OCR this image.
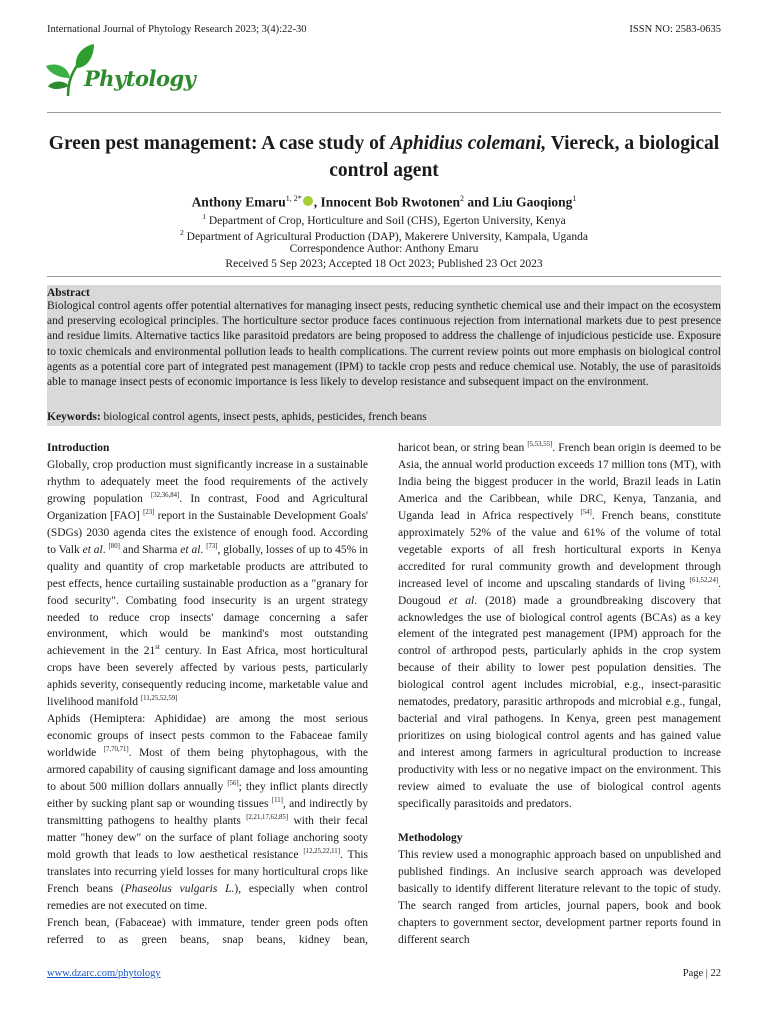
International Journal of Phytology Research 2023; 3(4):22-30	ISSN NO: 2583-0635
Phytology
Green pest management: A case study of Aphidius colemani, Viereck, a biological control agent
Anthony Emaru$^{1, 2*}$ , Innocent Bob Rwotonen$^2$ and Liu Gaoqiong$^1$
$^1$ Department of Crop, Horticulture and Soil (CHS), Egerton University, Kenya
$^2$ Department of Agricultural Production (DAP), Makerere University, Kampala, Uganda
Correspondence Author: Anthony Emaru
Received 5 Sep 2023; Accepted 18 Oct 2023; Published 23 Oct 2023
Abstract
Biological control agents offer potential alternatives for managing insect pests, reducing synthetic chemical use and their impact on the ecosystem and preserving ecological principles. The horticulture sector produce faces continuous rejection from international markets due to pest presence and residue limits. Alternative tactics like parasitoid predators are being proposed to address the challenge of injudicious pesticide use. Exposure to toxic chemicals and environmental pollution leads to health complications. The current review points out more emphasis on biological control agents as a potential core part of integrated pest management (IPM) to tackle crop pests and reduce chemical use. Notably, the use of parasitoids able to manage insect pests of economic importance is less likely to develop resistance and subsequent impact on the environment.
Keywords: biological control agents, insect pests, aphids, pesticides, french beans

Introduction

Globally, crop production must significantly increase in a sustainable rhythm to adequately meet the food requirements of the actively growing population [32,36,84]. In contrast, Food and Agricultural Organization [FAO] [23] report in the Sustainable Development Goals' (SDGs) 2030 agenda cites the existence of enough food. According to Valk et al. [80] and Sharma et al. [73], globally, losses of up to 45% in quality and quantity of crop marketable products are attributed to pest effects, hence curtailing sustainable production as a "granary for food security". Combating food insecurity is an urgent strategy needed to reduce crop insects' damage concerning a safer environment, which would be mankind's most outstanding achievement in the 21st century. In East Africa, most horticultural crops have been severely affected by various pests, particularly aphids severity, consequently reducing income, marketable value and livelihood manifold [11,25,52,59]

Aphids (Hemiptera: Aphididae) are among the most serious economic groups of insect pests common to the Fabaceae family worldwide [7,70,71]. Most of them being phytophagous, with the armored capability of causing significant damage and loss amounting to about 500 million dollars annually [56]; they inflict plants directly either by sucking plant sap or wounding tissues [11], and indirectly by transmitting pathogens to healthy plants [2,21,17,62,85] with their fecal matter "honey dew" on the surface of plant foliage anchoring sooty mold growth that leads to low aesthetical resistance [12,25,22,11]. This translates into recurring yield losses for many horticultural crops like French beans (Phaseolus vulgaris L.), especially when control remedies are not executed on time.

French bean, (Fabaceae) with immature, tender green pods often referred to as green beans, snap beans, kidney bean,

haricot bean, or string bean [5,53,55]. French bean origin is deemed to be Asia, the annual world production exceeds 17 million tons (MT), with India being the biggest producer in the world, Brazil leads in Latin America and the Caribbean, while DRC, Kenya, Tanzania, and Uganda lead in Africa respectively [54]. French beans, constitute approximately 52% of the value and 61% of the volume of total vegetable exports of all fresh horticultural exports in Kenya accredited for rural community growth and development through increased level of income and upscaling standards of living [61,52,24]. Dougoud et al. (2018) made a groundbreaking discovery that acknowledges the use of biological control agents (BCAs) as a key element of the integrated pest management (IPM) approach for the control of arthropod pests, particularly aphids in the crop system because of their ability to lower pest population densities. The biological control agent includes microbial, e.g., insect-parasitic nematodes, predatory, parasitic arthropods and microbial e.g., fungal, bacterial and viral pathogens. In Kenya, green pest management prioritizes on using biological control agents and has gained value and interest among farmers in agricultural production to increase productivity with less or no negative impact on the environment. This review aimed to evaluate the use of biological control agents specifically parasitoids and predators.

Methodology

This review used a monographic approach based on unpublished and published findings. An inclusive search approach was developed basically to identify different literature relevant to the topic of study. The search ranged from articles, journal papers, book and book chapters to government sector, development partner reports found in different search

www.dzarc.com/phytology	Page | 22
